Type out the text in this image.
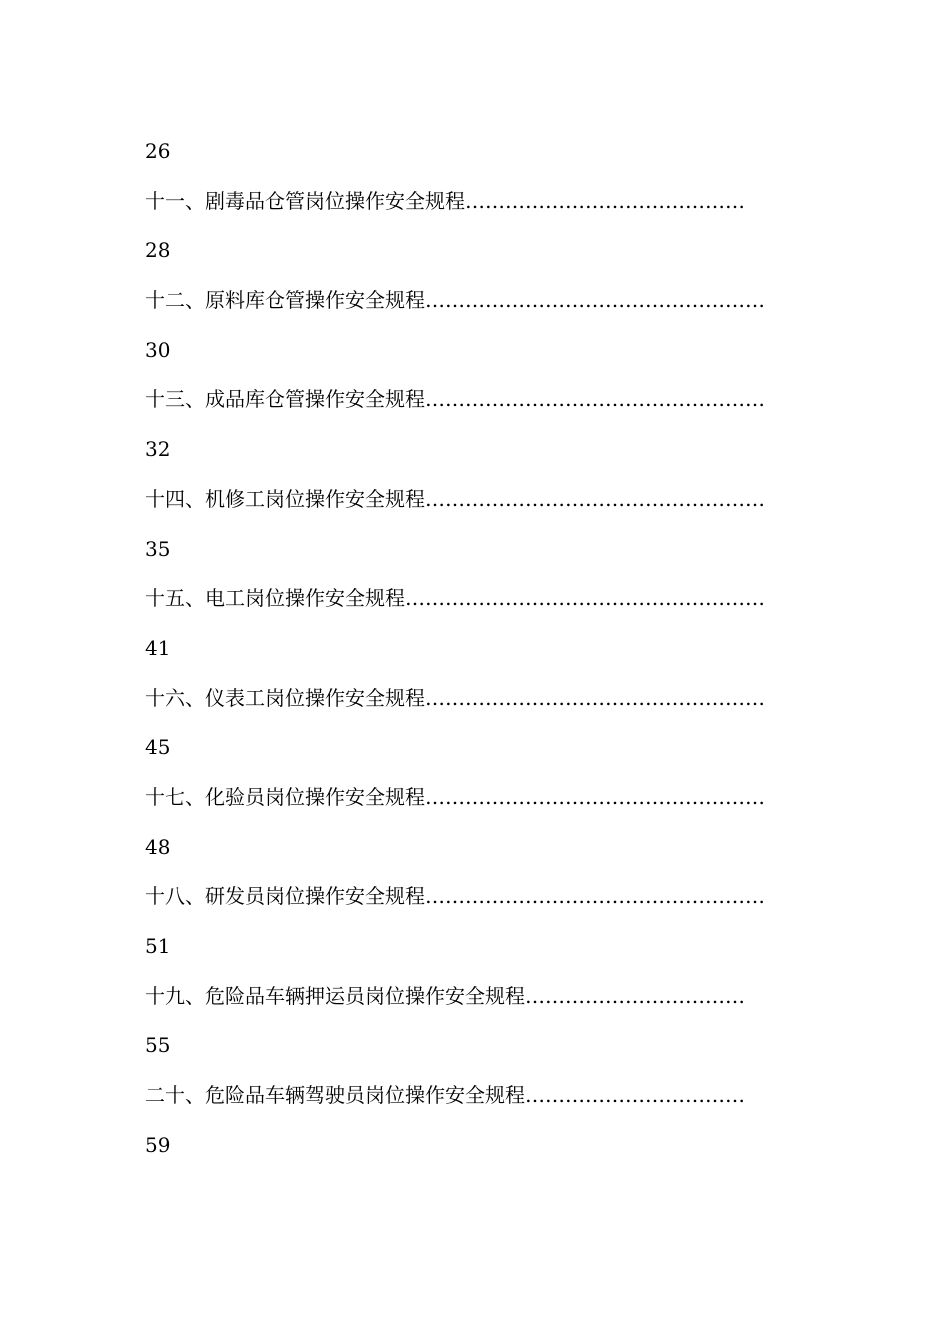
26
十一、剧毒品仓管岗位操作安全规程……………………………………
28
十二、原料库仓管操作安全规程……………………………………………
30
十三、成品库仓管操作安全规程……………………………………………
32
十四、机修工岗位操作安全规程……………………………………………
35
十五、电工岗位操作安全规程………………………………………………
41
十六、仪表工岗位操作安全规程……………………………………………
45
十七、化验员岗位操作安全规程……………………………………………
48
十八、研发员岗位操作安全规程……………………………………………
51
十九、危险品车辆押运员岗位操作安全规程……………………………
55
二十、危险品车辆驾驶员岗位操作安全规程……………………………
59
